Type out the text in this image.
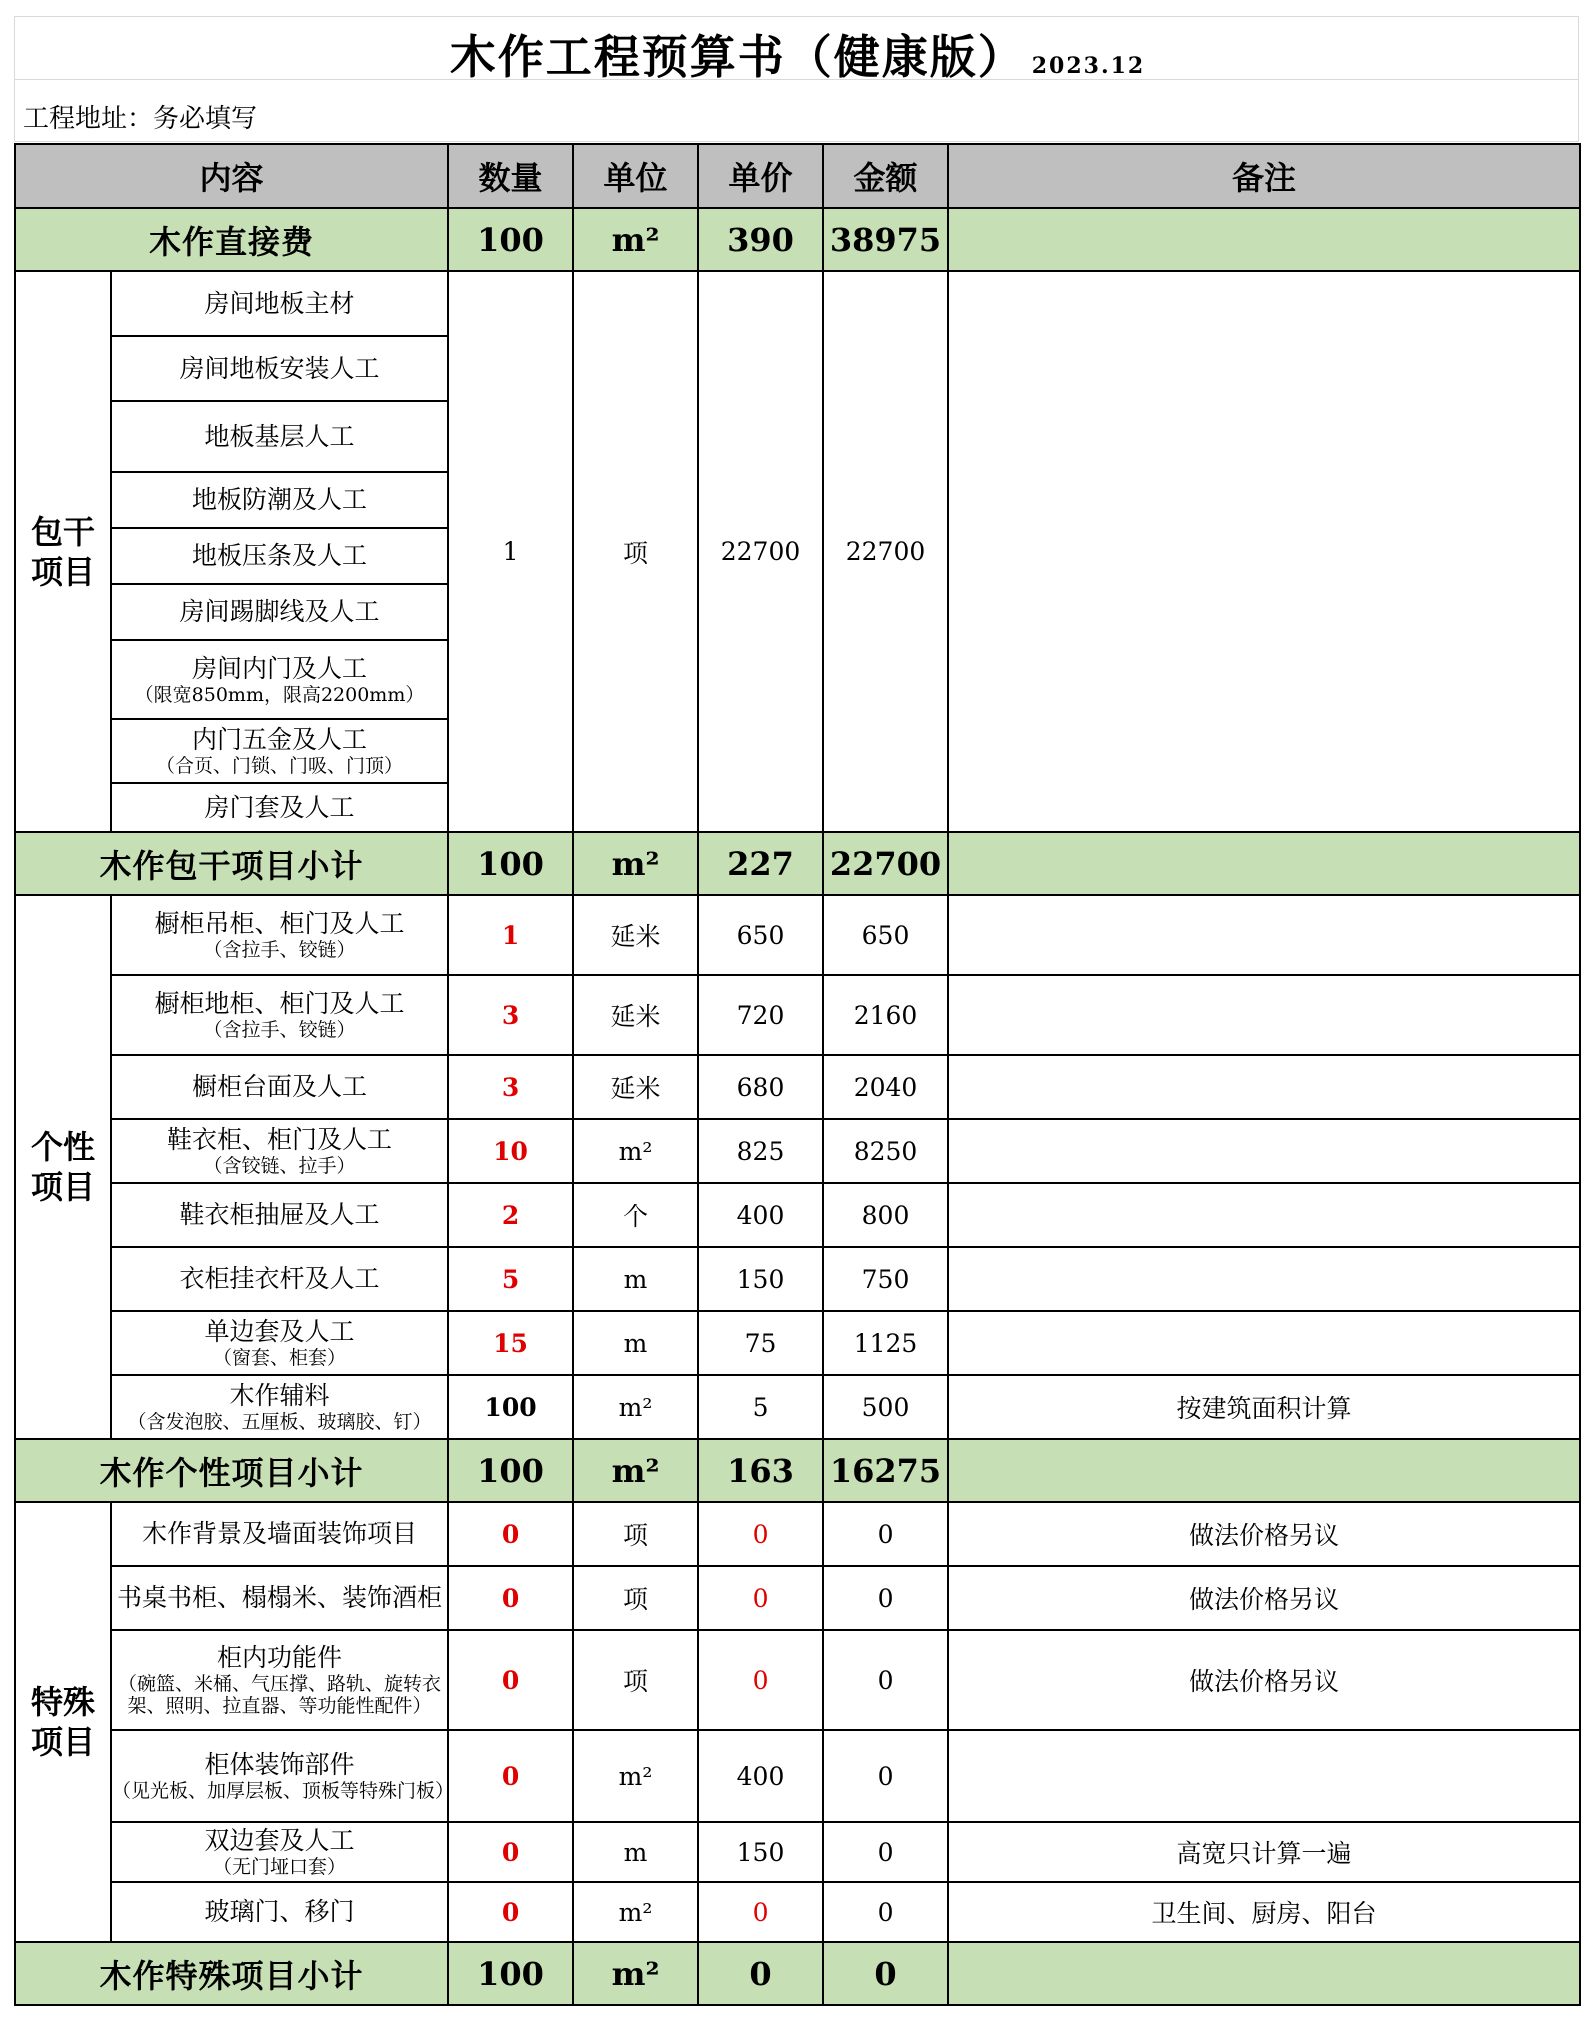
木作工程预算书（健康版） 2023.12
工程地址：务必填写
内容		数量	单位	单价	金额	备注
木作直接费		100	m²	390	38975	
包干
项目	房间地板主材	1	项	22700	22700	
	房间地板安装人工					
	地板基层人工					
	地板防潮及人工					
	地板压条及人工					
	房间踢脚线及人工					
	房间内门及人工
（限宽850mm，限高2200mm）					

	内门五金及人工
（合页、门锁、门吸、门顶）					

	房门套及人工					
木作包干项目小计		100	m²	227	22700	
个性
项目	橱柜吊柜、柜门及人工
（含拉手、铰链）	1	延米	650	650	
	橱柜地柜、柜门及人工
（含拉手、铰链）	3	延米	720	2160	
	橱柜台面及人工	3	延米	680	2040	
	鞋衣柜、柜门及人工
（含铰链、拉手）	10	m²	825	8250	
	鞋衣柜抽屉及人工	2	个	400	800	
	衣柜挂衣杆及人工	5	m	150	750	
	单边套及人工
（窗套、柜套）	15	m	75	1125	
	木作辅料
（含发泡胶、五厘板、玻璃胶、钉）	100	m²	5	500	按建筑面积计算
木作个性项目小计		100	m²	163	16275	
特殊
项目	木作背景及墙面装饰项目	0	项	0	0	做法价格另议
	书桌书柜、榻榻米、装饰酒柜	0	项	0	0	做法价格另议
	柜内功能件
（碗篮、米桶、气压撑、路轨、旋转衣架、照明、拉直器、等功能性配件）	0	项	0	0	做法价格另议
	柜体装饰部件
（见光板、加厚层板、顶板等特殊门板）	0	m²	400	0	
	双边套及人工
（无门垭口套）	0	m	150	0	高宽只计算一遍
	玻璃门、移门	0	m²	0	0	卫生间、厨房、阳台
木作特殊项目小计		100	m²	0	0	
